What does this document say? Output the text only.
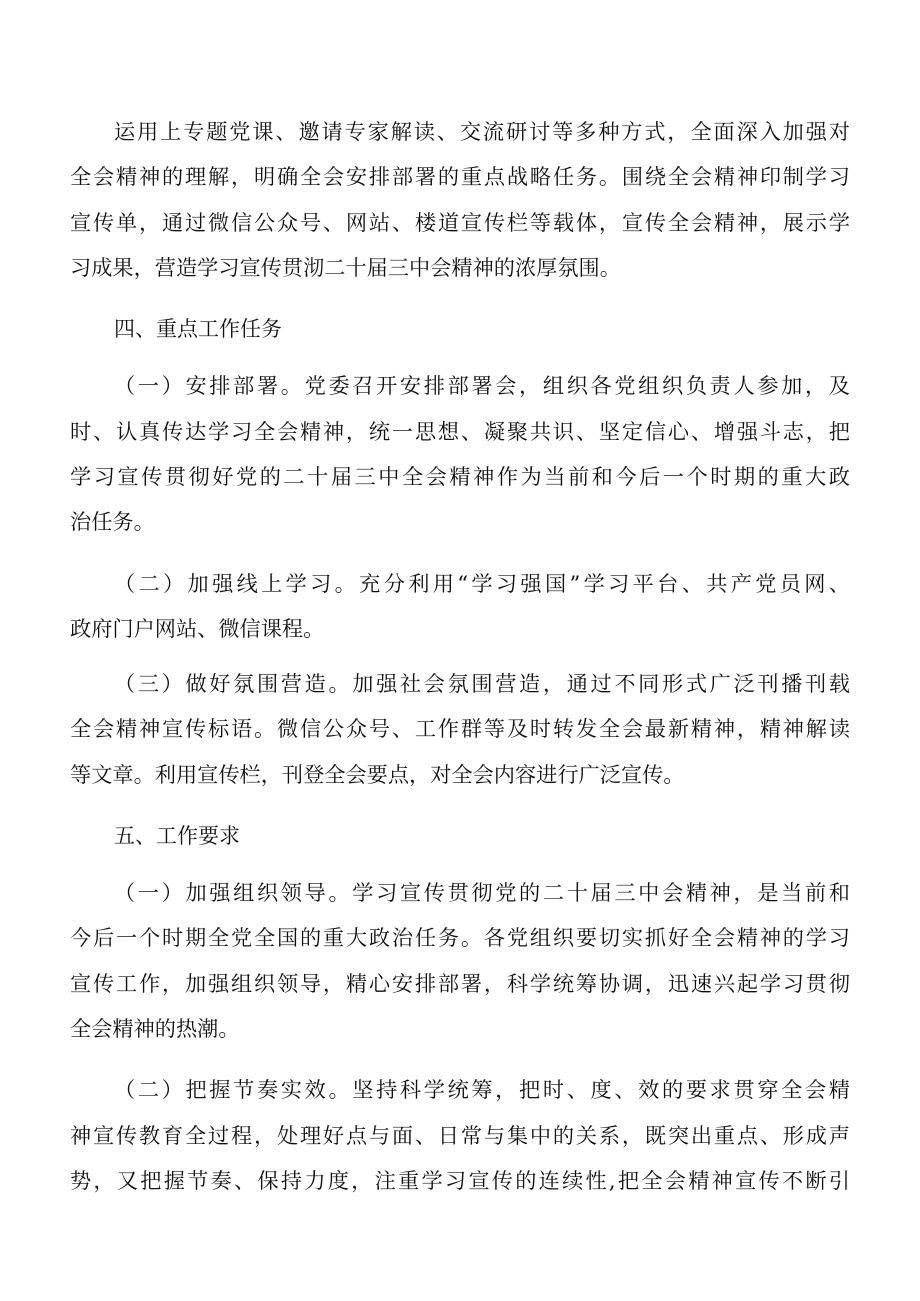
运用上专题党课、邀请专家解读、交流研讨等多种方式，全面深入加强对
全会精神的理解，明确全会安排部署的重点战略任务。围绕全会精神印制学习
宣传单，通过微信公众号、网站、楼道宣传栏等载体，宣传全会精神，展示学
习成果，营造学习宣传贯沏二十届三中会精神的浓厚氛围。
四、重点工作任务
（一）安排部署。党委召开安排部署会，组织各党组织负责人参加，及
时、认真传达学习全会精神，统一思想、凝聚共识、坚定信心、增强斗志，把
学习宣传贯彻好党的二十届三中全会精神作为当前和今后一个时期的重大政
治任务。
（二）加强线上学习。充分利用“学习强国”学习平台、共产党员网、
政府门户网站、微信课程。
（三）做好氛围营造。加强社会氛围营造，通过不同形式广泛刊播刊载
全会精神宣传标语。微信公众号、工作群等及时转发全会最新精神，精神解读
等文章。利用宣传栏，刊登全会要点，对全会内容进行广泛宣传。
五、工作要求
（一）加强组织领导。学习宣传贯彻党的二十届三中会精神，是当前和
今后一个时期全党全国的重大政治任务。各党组织要切实抓好全会精神的学习
宣传工作，加强组织领导，精心安排部署，科学统筹协调，迅速兴起学习贯彻
全会精神的热潮。
（二）把握节奏实效。坚持科学统筹，把时、度、效的要求贯穿全会精
神宣传教育全过程，处理好点与面、日常与集中的关系，既突出重点、形成声
势，又把握节奏、保持力度，注重学习宣传的连续性,把全会精神宣传不断引
